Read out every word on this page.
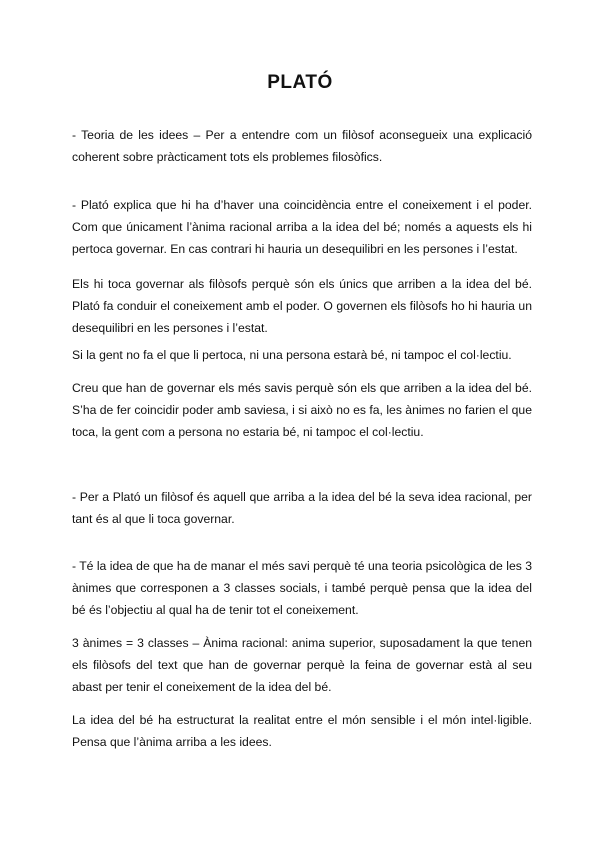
PLATÓ

- Teoria de les idees – Per a entendre com un filòsof aconsegueix una explicació coherent sobre pràcticament tots els problemes filosòfics.

- Plató explica que hi ha d’haver una coincidència entre el coneixement i el poder. Com que únicament l’ànima racional arriba a la idea del bé; només a aquests els hi pertoca governar. En cas contrari hi hauria un desequilibri en les persones i l’estat.

Els hi toca governar als filòsofs perquè són els únics que arriben a la idea del bé. Plató fa conduir el coneixement amb el poder. O governen els filòsofs ho hi hauria un desequilibri en les persones i l’estat.

Si la gent no fa el que li pertoca, ni una persona estarà bé, ni tampoc el col·lectiu.

Creu que han de governar els més savis perquè són els que arriben a la idea del bé. S’ha de fer coincidir poder amb saviesa, i si això no es fa, les ànimes no farien el que toca, la gent com a persona no estaria bé, ni tampoc el col·lectiu.

- Per a Plató un filòsof és aquell que arriba a la idea del bé la seva idea racional, per tant és al que li toca governar.

- Té la idea de que ha de manar el més savi perquè té una teoria psicològica de les 3 ànimes que corresponen a 3 classes socials, i també perquè pensa que la idea del bé és l’objectiu al qual ha de tenir tot el coneixement.

3 ànimes = 3 classes – Ànima racional: anima superior, suposadament la que tenen els filòsofs del text que han de governar perquè la feina de governar està al seu abast per tenir el coneixement de la idea del bé.

La idea del bé ha estructurat la realitat entre el món sensible i el món intel·ligible. Pensa que l’ànima arriba a les idees.
